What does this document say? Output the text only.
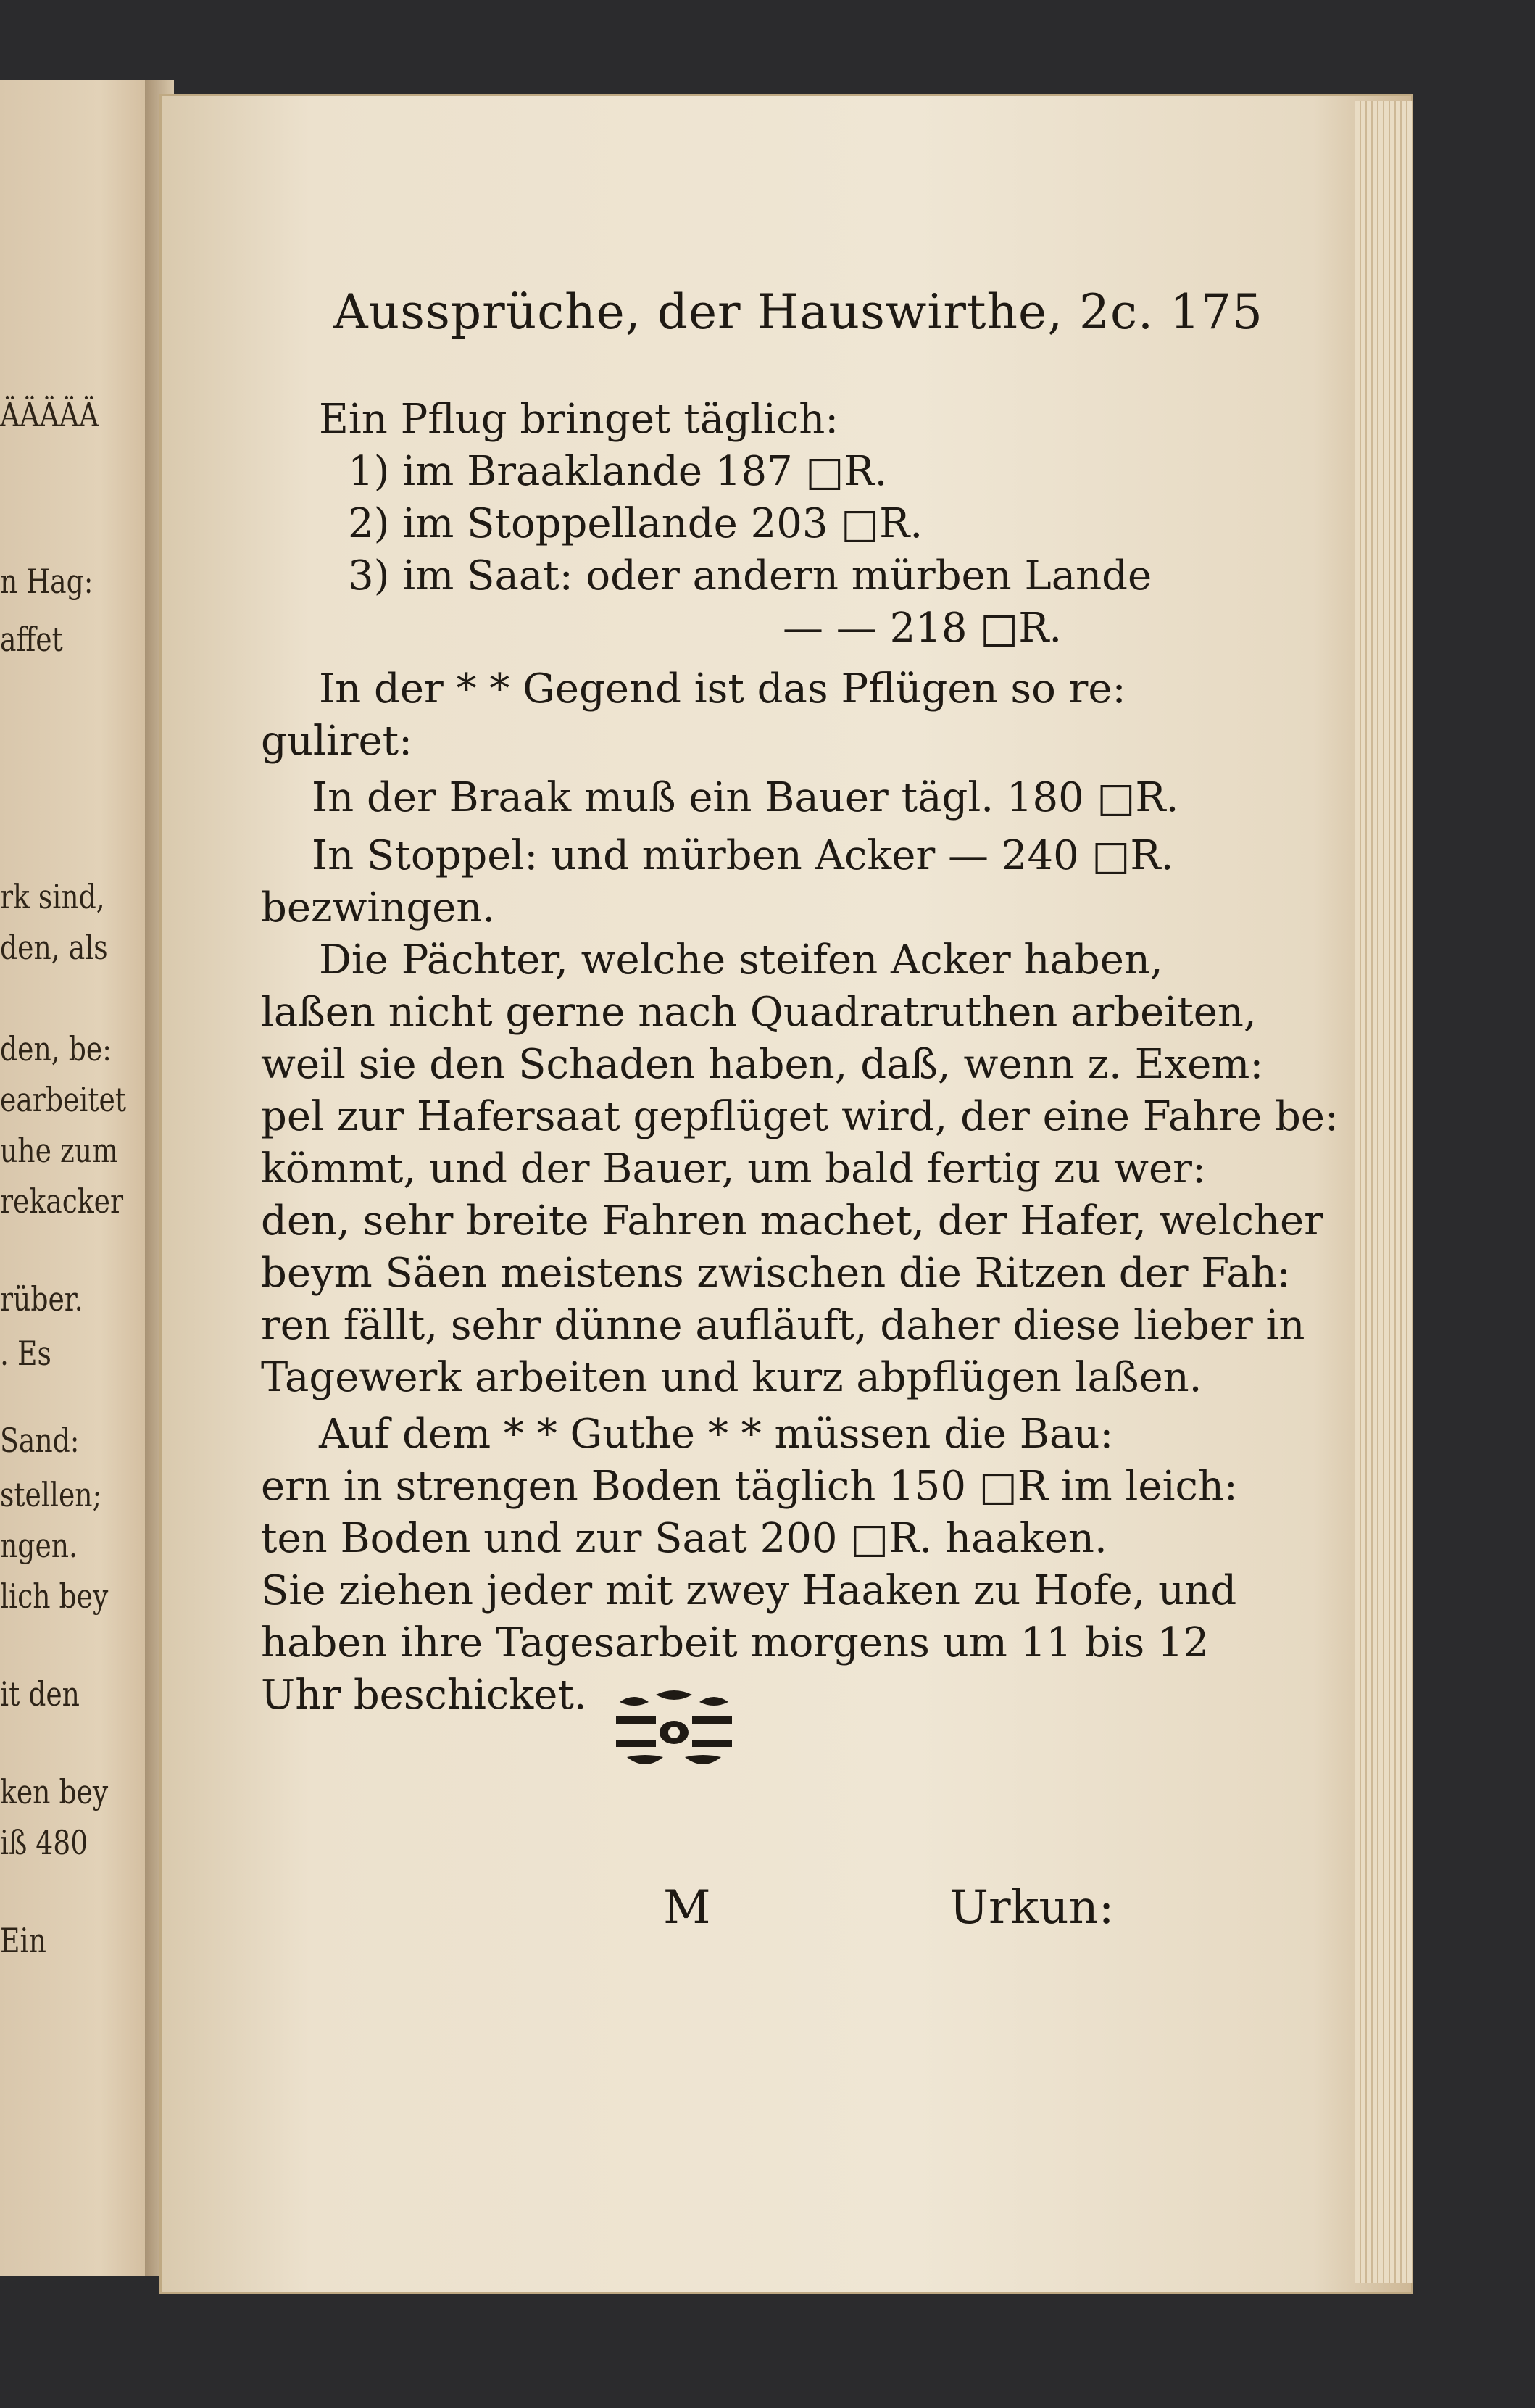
ÄÄÄÄÄ
n Hag:
affet
rk sind,
den, als
den, be:
earbeitet
uhe zum
rekacker
rüber.
. Es
Sand:
stellen;
ngen.
lich bey
it den
ken bey
iß 480
Ein
Aussprüche, der Hauswirthe, 2c. 175
Ein Pflug bringet täglich:
1) im Braaklande 187 □R.
2) im Stoppellande 203 □R.
3) im Saat: oder andern mürben Lande
— — 218 □R.
In der * * Gegend ist das Pflügen so re:
guliret:
In der Braak muß ein Bauer tägl. 180 □R.
In Stoppel: und mürben Acker — 240 □R.
bezwingen.
Die Pächter, welche steifen Acker haben,
laßen nicht gerne nach Quadratruthen arbeiten,
weil sie den Schaden haben, daß, wenn z. Exem:
pel zur Hafersaat gepflüget wird, der eine Fahre be:
kömmt, und der Bauer, um bald fertig zu wer:
den, sehr breite Fahren machet, der Hafer, welcher
beym Säen meistens zwischen die Ritzen der Fah:
ren fällt, sehr dünne aufläuft, daher diese lieber in
Tagewerk arbeiten und kurz abpflügen laßen.
Auf dem * * Guthe * * müssen die Bau:
ern in strengen Boden täglich 150 □R im leich:
ten Boden und zur Saat 200 □R. haaken.
Sie ziehen jeder mit zwey Haaken zu Hofe, und
haben ihre Tagesarbeit morgens um 11 bis 12
Uhr beschicket.
M	Urkun:
